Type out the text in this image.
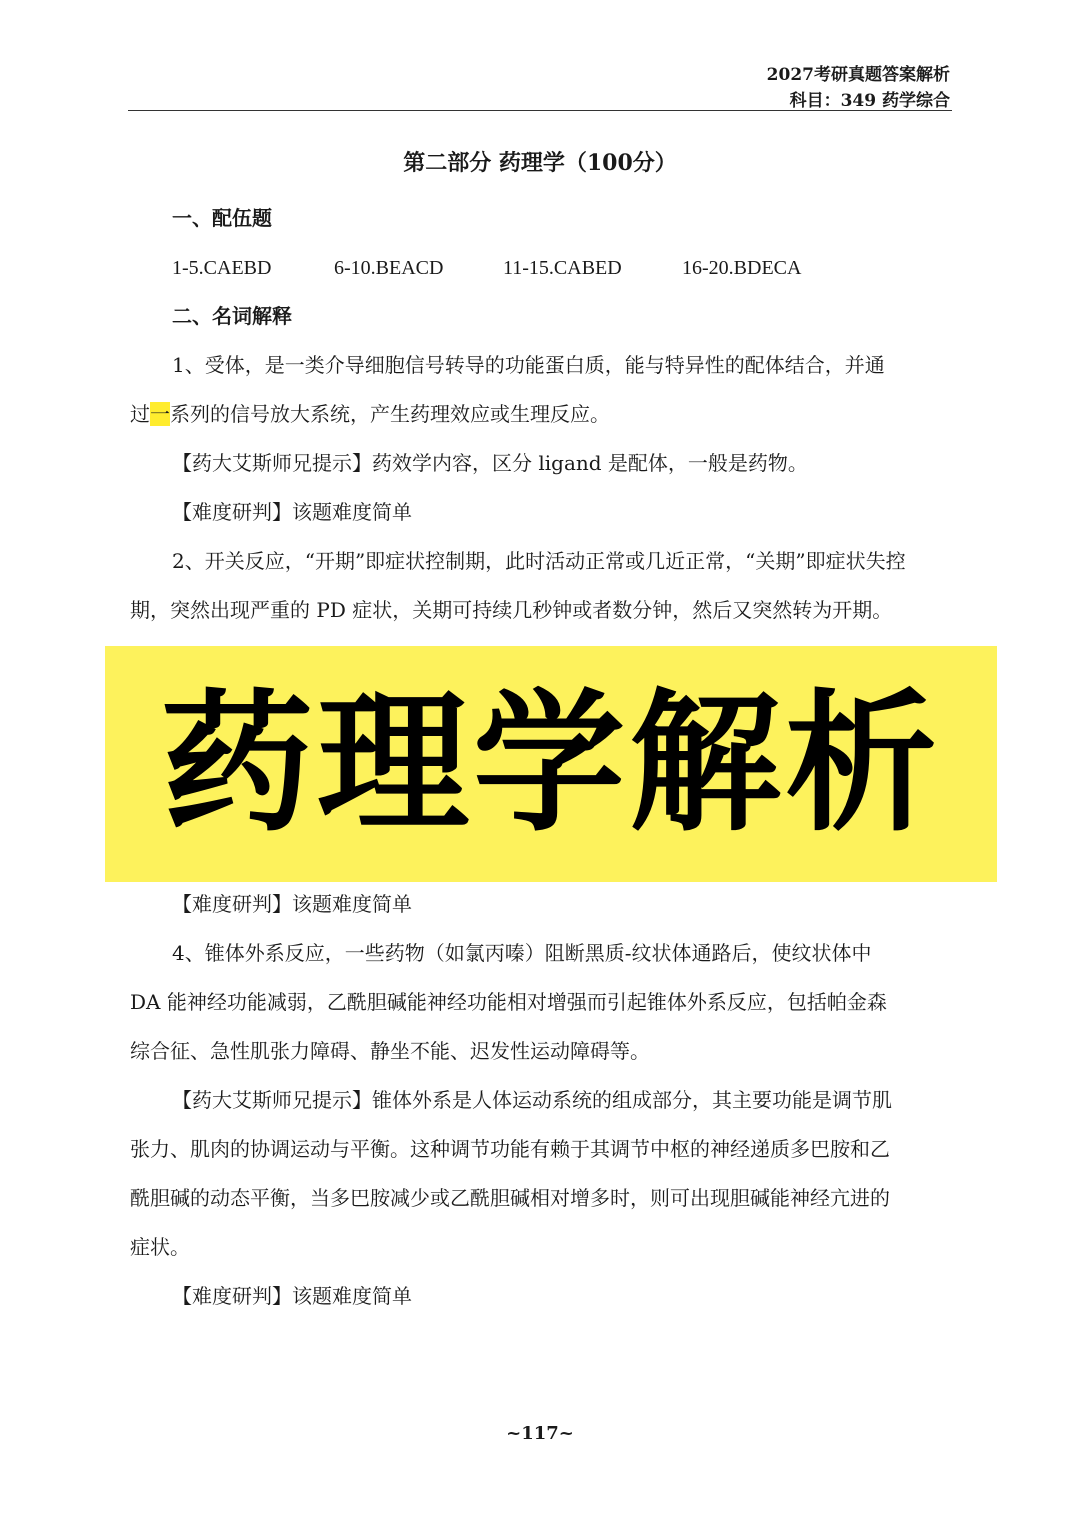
2027考研真题答案解析
科目：349 药学综合
第二部分 药理学（100分）
一、配伍题
1-5.CAEBD	6-10.BEACD	11-15.CABED	16-20.BDECA
二、名词解释
1、受体，是一类介导细胞信号转导的功能蛋白质，能与特异性的配体结合，并通
过一系列的信号放大系统，产生药理效应或生理反应。
【药大艾斯师兄提示】药效学内容，区分 ligand 是配体，一般是药物。
【难度研判】该题难度简单
2、开关反应，“开期”即症状控制期，此时活动正常或几近正常，“关期”即症状失控
期，突然出现严重的 PD 症状，关期可持续几秒钟或者数分钟，然后又突然转为开期。
药理学解析
【难度研判】该题难度简单
4、锥体外系反应，一些药物（如氯丙嗪）阻断黑质-纹状体通路后，使纹状体中
DA 能神经功能减弱，乙酰胆碱能神经功能相对增强而引起锥体外系反应，包括帕金森
综合征、急性肌张力障碍、静坐不能、迟发性运动障碍等。
【药大艾斯师兄提示】锥体外系是人体运动系统的组成部分，其主要功能是调节肌
张力、肌肉的协调运动与平衡。这种调节功能有赖于其调节中枢的神经递质多巴胺和乙
酰胆碱的动态平衡，当多巴胺减少或乙酰胆碱相对增多时，则可出现胆碱能神经亢进的
症状。
【难度研判】该题难度简单
~117~
